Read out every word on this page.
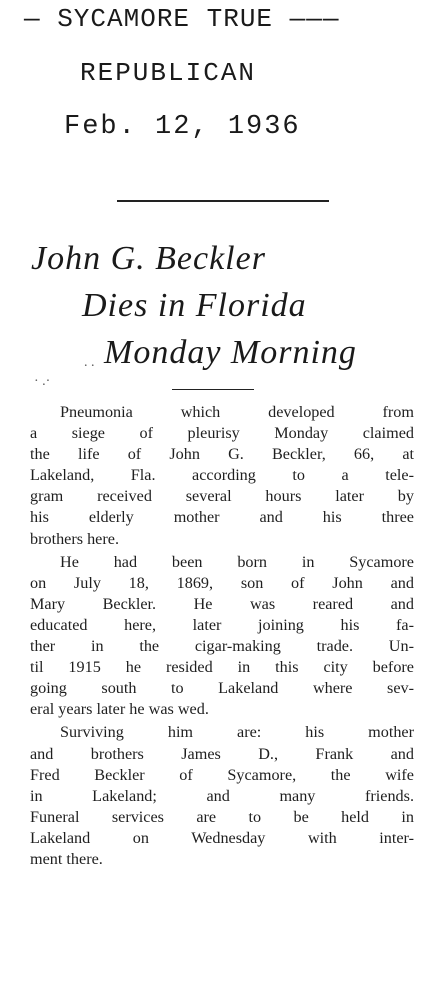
— SYCAMORE TRUE ———
REPUBLICAN
Feb. 12, 1936
John G. Beckler
Dies in Florida
Monday Morning
. .
· .·
Pneumonia which developed from
a siege of pleurisy Monday claimed
the life of John G. Beckler, 66, at
Lakeland, Fla. according to a tele-
gram received several hours later by
his elderly mother and his three
brothers here.
He had been born in Sycamore
on July 18, 1869, son of John and
Mary Beckler. He was reared and
educated here, later joining his fa-
ther in the cigar-making trade. Un-
til 1915 he resided in this city before
going south to Lakeland where sev-
eral years later he was wed.
Surviving him are: his mother
and brothers James D., Frank and
Fred Beckler of Sycamore, the wife
in Lakeland; and many friends.
Funeral services are to be held in
Lakeland on Wednesday with inter-
ment there.
